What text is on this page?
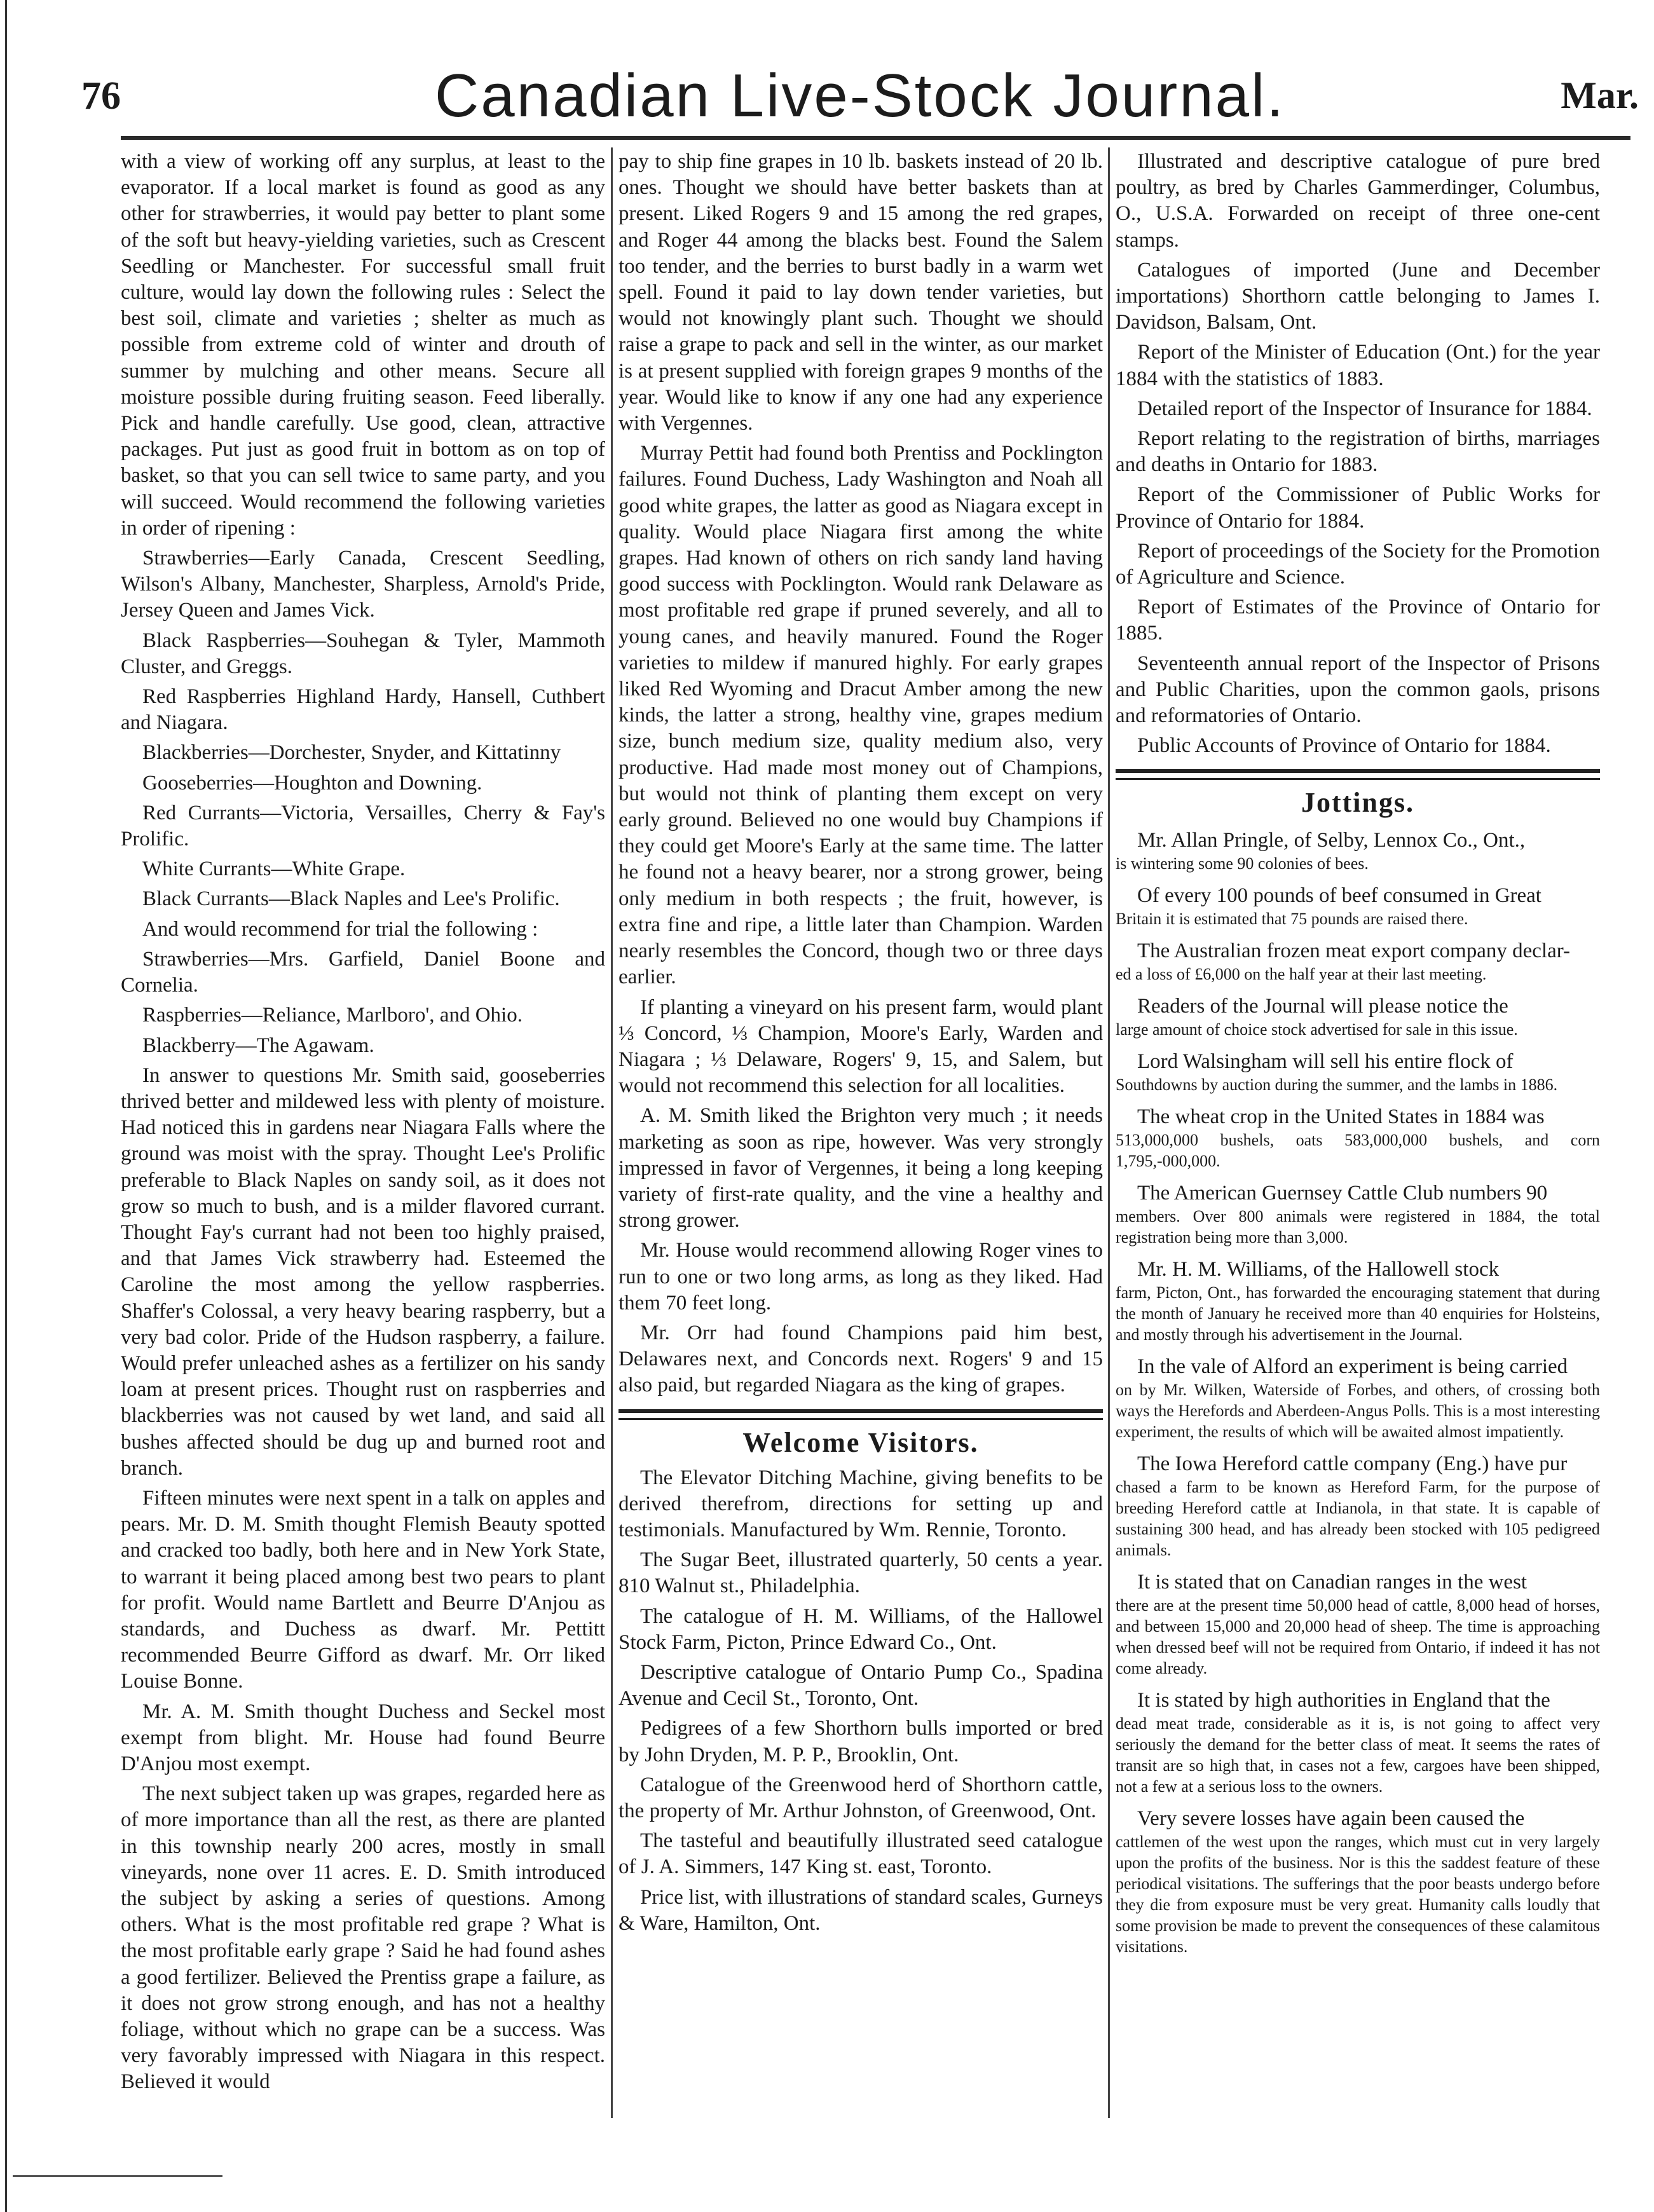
76	Canadian Live-Stock Journal.	Mar.

with a view of working off any surplus, at least to the evaporator. If a local market is found as good as any other for strawberries, it would pay better to plant some of the soft but heavy-yielding varieties, such as Crescent Seedling or Manchester. For successful small fruit culture, would lay down the following rules : Select the best soil, climate and varieties ; shelter as much as possible from extreme cold of winter and drouth of summer by mulching and other means. Secure all moisture possible during fruiting season. Feed liberally. Pick and handle carefully. Use good, clean, attractive packages. Put just as good fruit in bottom as on top of basket, so that you can sell twice to same party, and you will succeed. Would recommend the following varieties in order of ripening :

Strawberries—Early Canada, Crescent Seedling, Wilson's Albany, Manchester, Sharpless, Arnold's Pride, Jersey Queen and James Vick.

Black Raspberries—Souhegan & Tyler, Mammoth Cluster, and Greggs.

Red Raspberries Highland Hardy, Hansell, Cuthbert and Niagara.

Blackberries—Dorchester, Snyder, and Kittatinny

Gooseberries—Houghton and Downing.

Red Currants—Victoria, Versailles, Cherry & Fay's Prolific.

White Currants—White Grape.

Black Currants—Black Naples and Lee's Prolific.

And would recommend for trial the following :

Strawberries—Mrs. Garfield, Daniel Boone and Cornelia.

Raspberries—Reliance, Marlboro', and Ohio.

Blackberry—The Agawam.

In answer to questions Mr. Smith said, gooseberries thrived better and mildewed less with plenty of moisture. Had noticed this in gardens near Niagara Falls where the ground was moist with the spray. Thought Lee's Prolific preferable to Black Naples on sandy soil, as it does not grow so much to bush, and is a milder flavored currant. Thought Fay's currant had not been too highly praised, and that James Vick strawberry had. Esteemed the Caroline the most among the yellow raspberries. Shaffer's Colossal, a very heavy bearing raspberry, but a very bad color. Pride of the Hudson raspberry, a failure. Would prefer unleached ashes as a fertilizer on his sandy loam at present prices. Thought rust on raspberries and blackberries was not caused by wet land, and said all bushes affected should be dug up and burned root and branch.

Fifteen minutes were next spent in a talk on apples and pears. Mr. D. M. Smith thought Flemish Beauty spotted and cracked too badly, both here and in New York State, to warrant it being placed among best two pears to plant for profit. Would name Bartlett and Beurre D'Anjou as standards, and Duchess as dwarf. Mr. Pettitt recommended Beurre Gifford as dwarf. Mr. Orr liked Louise Bonne.

Mr. A. M. Smith thought Duchess and Seckel most exempt from blight. Mr. House had found Beurre D'Anjou most exempt.

The next subject taken up was grapes, regarded here as of more importance than all the rest, as there are planted in this township nearly 200 acres, mostly in small vineyards, none over 11 acres. E. D. Smith introduced the subject by asking a series of questions. Among others. What is the most profitable red grape ? What is the most profitable early grape ? Said he had found ashes a good fertilizer. Believed the Prentiss grape a failure, as it does not grow strong enough, and has not a healthy foliage, without which no grape can be a success. Was very favorably impressed with Niagara in this respect. Believed it would

pay to ship fine grapes in 10 lb. baskets instead of 20 lb. ones. Thought we should have better baskets than at present. Liked Rogers 9 and 15 among the red grapes, and Roger 44 among the blacks best. Found the Salem too tender, and the berries to burst badly in a warm wet spell. Found it paid to lay down tender varieties, but would not knowingly plant such. Thought we should raise a grape to pack and sell in the winter, as our market is at present supplied with foreign grapes 9 months of the year. Would like to know if any one had any experience with Vergennes.

Murray Pettit had found both Prentiss and Pocklington failures. Found Duchess, Lady Washington and Noah all good white grapes, the latter as good as Niagara except in quality. Would place Niagara first among the white grapes. Had known of others on rich sandy land having good success with Pocklington. Would rank Delaware as most profitable red grape if pruned severely, and all to young canes, and heavily manured. Found the Roger varieties to mildew if manured highly. For early grapes liked Red Wyoming and Dracut Amber among the new kinds, the latter a strong, healthy vine, grapes medium size, bunch medium size, quality medium also, very productive. Had made most money out of Champions, but would not think of planting them except on very early ground. Believed no one would buy Champions if they could get Moore's Early at the same time. The latter he found not a heavy bearer, nor a strong grower, being only medium in both respects ; the fruit, however, is extra fine and ripe, a little later than Champion. Warden nearly resembles the Concord, though two or three days earlier.

If planting a vineyard on his present farm, would plant ⅓ Concord, ⅓ Champion, Moore's Early, Warden and Niagara ; ⅓ Delaware, Rogers' 9, 15, and Salem, but would not recommend this selection for all localities.

A. M. Smith liked the Brighton very much ; it needs marketing as soon as ripe, however. Was very strongly impressed in favor of Vergennes, it being a long keeping variety of first-rate quality, and the vine a healthy and strong grower.

Mr. House would recommend allowing Roger vines to run to one or two long arms, as long as they liked. Had them 70 feet long.

Mr. Orr had found Champions paid him best, Delawares next, and Concords next. Rogers' 9 and 15 also paid, but regarded Niagara as the king of grapes.

Welcome Visitors.

The Elevator Ditching Machine, giving benefits to be derived therefrom, directions for setting up and testimonials. Manufactured by Wm. Rennie, Toronto.

The Sugar Beet, illustrated quarterly, 50 cents a year. 810 Walnut st., Philadelphia.

The catalogue of H. M. Williams, of the Hallowel Stock Farm, Picton, Prince Edward Co., Ont.

Descriptive catalogue of Ontario Pump Co., Spadina Avenue and Cecil St., Toronto, Ont.

Pedigrees of a few Shorthorn bulls imported or bred by John Dryden, M. P. P., Brooklin, Ont.

Catalogue of the Greenwood herd of Shorthorn cattle, the property of Mr. Arthur Johnston, of Greenwood, Ont.

The tasteful and beautifully illustrated seed catalogue of J. A. Simmers, 147 King st. east, Toronto.

Price list, with illustrations of standard scales, Gurneys & Ware, Hamilton, Ont.

Illustrated and descriptive catalogue of pure bred poultry, as bred by Charles Gammerdinger, Columbus, O., U.S.A. Forwarded on receipt of three one-cent stamps.

Catalogues of imported (June and December importations) Shorthorn cattle belonging to James I. Davidson, Balsam, Ont.

Report of the Minister of Education (Ont.) for the year 1884 with the statistics of 1883.

Detailed report of the Inspector of Insurance for 1884.

Report relating to the registration of births, marriages and deaths in Ontario for 1883.

Report of the Commissioner of Public Works for Province of Ontario for 1884.

Report of proceedings of the Society for the Promotion of Agriculture and Science.

Report of Estimates of the Province of Ontario for 1885.

Seventeenth annual report of the Inspector of Prisons and Public Charities, upon the common gaols, prisons and reformatories of Ontario.

Public Accounts of Province of Ontario for 1884.

Jottings.

Mr. Allan Pringle, of Selby, Lennox Co., Ont.,

is wintering some 90 colonies of bees.

Of every 100 pounds of beef consumed in Great

Britain it is estimated that 75 pounds are raised there.

The Australian frozen meat export company declar-

ed a loss of £6,000 on the half year at their last meeting.

Readers of the Journal will please notice the

large amount of choice stock advertised for sale in this issue.

Lord Walsingham will sell his entire flock of

Southdowns by auction during the summer, and the lambs in 1886.

The wheat crop in the United States in 1884 was

513,000,000 bushels, oats 583,000,000 bushels, and corn 1,795,-000,000.

The American Guernsey Cattle Club numbers 90

members. Over 800 animals were registered in 1884, the total registration being more than 3,000.

Mr. H. M. Williams, of the Hallowell stock

farm, Picton, Ont., has forwarded the encouraging statement that during the month of January he received more than 40 enquiries for Holsteins, and mostly through his advertisement in the Journal.

In the vale of Alford an experiment is being carried

on by Mr. Wilken, Waterside of Forbes, and others, of crossing both ways the Herefords and Aberdeen-Angus Polls. This is a most interesting experiment, the results of which will be awaited almost impatiently.

The Iowa Hereford cattle company (Eng.) have pur

chased a farm to be known as Hereford Farm, for the purpose of breeding Hereford cattle at Indianola, in that state. It is capable of sustaining 300 head, and has already been stocked with 105 pedigreed animals.

It is stated that on Canadian ranges in the west

there are at the present time 50,000 head of cattle, 8,000 head of horses, and between 15,000 and 20,000 head of sheep. The time is approaching when dressed beef will not be required from Ontario, if indeed it has not come already.

It is stated by high authorities in England that the

dead meat trade, considerable as it is, is not going to affect very seriously the demand for the better class of meat. It seems the rates of transit are so high that, in cases not a few, cargoes have been shipped, not a few at a serious loss to the owners.

Very severe losses have again been caused the

cattlemen of the west upon the ranges, which must cut in very largely upon the profits of the business. Nor is this the saddest feature of these periodical visitations. The sufferings that the poor beasts undergo before they die from exposure must be very great. Humanity calls loudly that some provision be made to prevent the consequences of these calamitous visitations.
